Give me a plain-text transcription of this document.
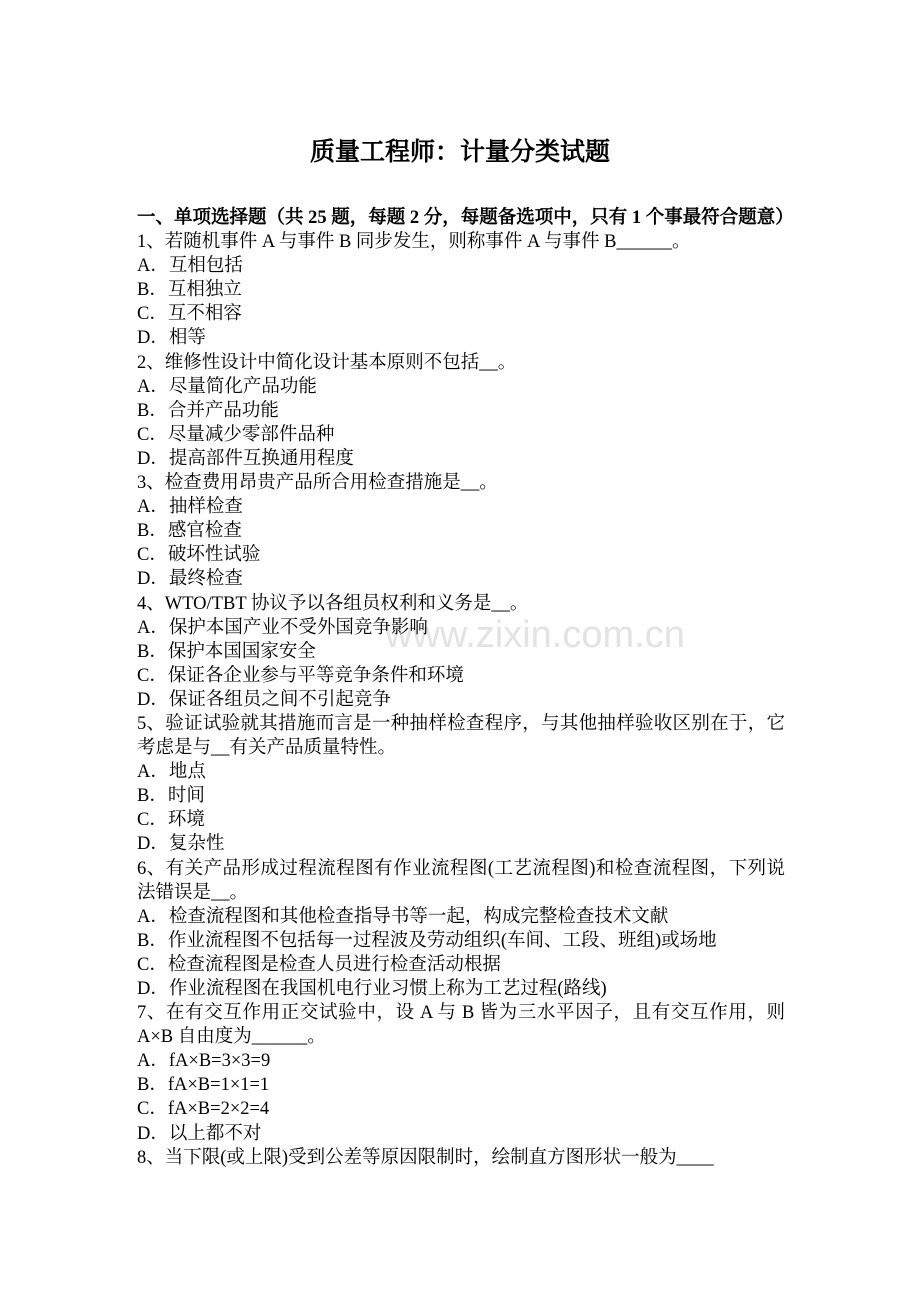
www.zixin.com.cn
质量工程师：计量分类试题
一、单项选择题（共 25 题，每题 2 分，每题备选项中，只有 1 个事最符合题意）

1、若随机事件 A 与事件 B 同步发生，则称事件 A 与事件 B______。

A．互相包括

B．互相独立

C．互不相容

D．相等

2、维修性设计中简化设计基本原则不包括__。

A．尽量简化产品功能

B．合并产品功能

C．尽量减少零部件品种

D．提高部件互换通用程度

3、检查费用昂贵产品所合用检查措施是__。

A．抽样检查

B．感官检查

C．破坏性试验

D．最终检查

4、WTO/TBT 协议予以各组员权利和义务是__。

A．保护本国产业不受外国竞争影响

B．保护本国国家安全

C．保证各企业参与平等竞争条件和环境

D．保证各组员之间不引起竞争

5、验证试验就其措施而言是一种抽样检查程序，与其他抽样验收区别在于，它考虑是与__有关产品质量特性。

A．地点

B．时间

C．环境

D．复杂性

6、有关产品形成过程流程图有作业流程图(工艺流程图)和检查流程图，下列说法错误是__。

A．检查流程图和其他检查指导书等一起，构成完整检查技术文献

B．作业流程图不包括每一过程波及劳动组织(车间、工段、班组)或场地

C．检查流程图是检查人员进行检查活动根据

D．作业流程图在我国机电行业习惯上称为工艺过程(路线)

7、在有交互作用正交试验中，设 A 与 B 皆为三水平因子，且有交互作用，则 A×B 自由度为______。

A．fA×B=3×3=9

B．fA×B=1×1=1

C．fA×B=2×2=4

D．以上都不对

8、当下限(或上限)受到公差等原因限制时，绘制直方图形状一般为____
